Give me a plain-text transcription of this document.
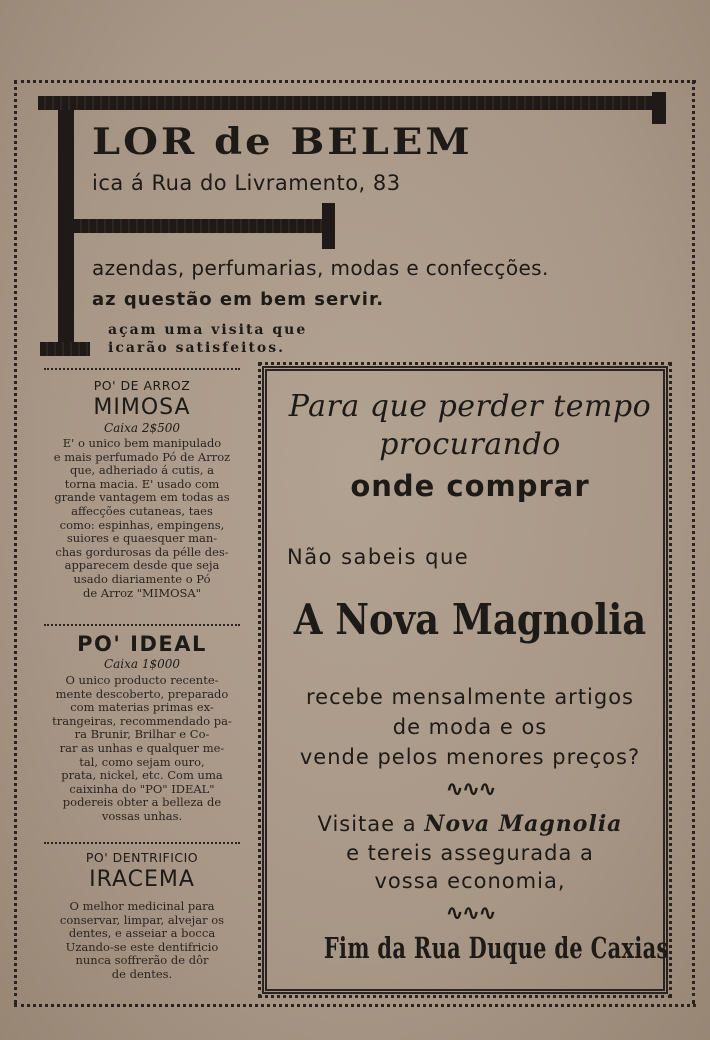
LOR de BELEM
ica á Rua do Livramento, 83
azendas, perfumarias, modas e confecções.
az questão em bem servir.
açam uma visita que
icarão satisfeitos.
PO' DE ARROZ
MIMOSA
Caixa 2$500
E' o unico bem manipulado
e mais perfumado Pó de Arroz
que, adheriado á cutis, a
torna macia. E' usado com
grande vantagem em todas as
affecções cutaneas, taes
como: espinhas, empingens,
suiores e quaesquer man-
chas gordurosas da pélle des-
apparecem desde que seja
usado diariamente o Pó
de Arroz "MIMOSA"
PO' IDEAL
Caixa 1$000
O unico producto recente-
mente descoberto, preparado
com materias primas ex-
trangeiras, recommendado pa-
ra Brunir, Brilhar e Co-
rar as unhas e qualquer me-
tal, como sejam ouro,
prata, nickel, etc. Com uma
caixinha do "PO" IDEAL"
podereis obter a belleza de
vossas unhas.
PO' DENTRIFICIO
IRACEMA
O melhor medicinal para
conservar, limpar, alvejar os
dentes, e asseiar a bocca
Uzando-se este dentifricio
nunca soffrerão de dôr
de dentes.
Para que perder tempo
procurando
onde comprar
Não sabeis que
A Nova Magnolia
recebe mensalmente artigos
de moda e os
vende pelos menores preços?
∿∿∿
Visitae a Nova Magnolia
e tereis assegurada a
vossa economia,
∿∿∿
Fim da Rua Duque de Caxias
